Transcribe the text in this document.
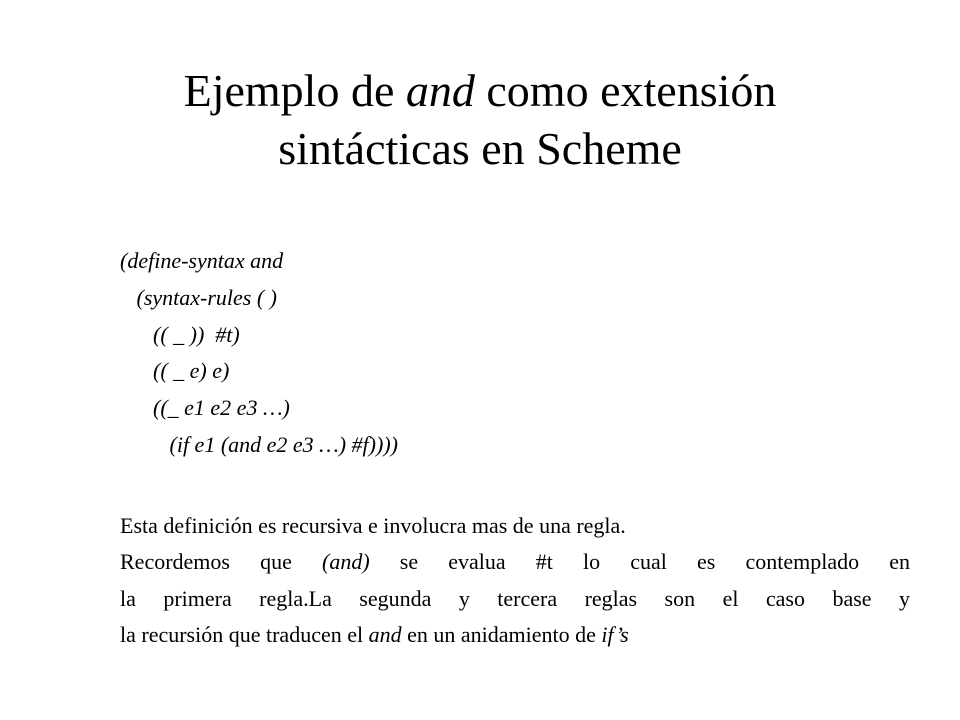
Ejemplo de and como extensión
sintácticas en Scheme
(define-syntax and
(syntax-rules ( )
(( _ ))  #t)
(( _ e) e)
((_ e1 e2 e3 …)
(if e1 (and e2 e3 …) #f))))
Esta definición es recursiva e involucra mas de una regla.
Recordemos que (and) se evalua #t lo cual es contemplado en
la primera regla.La segunda y tercera reglas son el caso base y
la recursión que traducen el and en un anidamiento de if’s
